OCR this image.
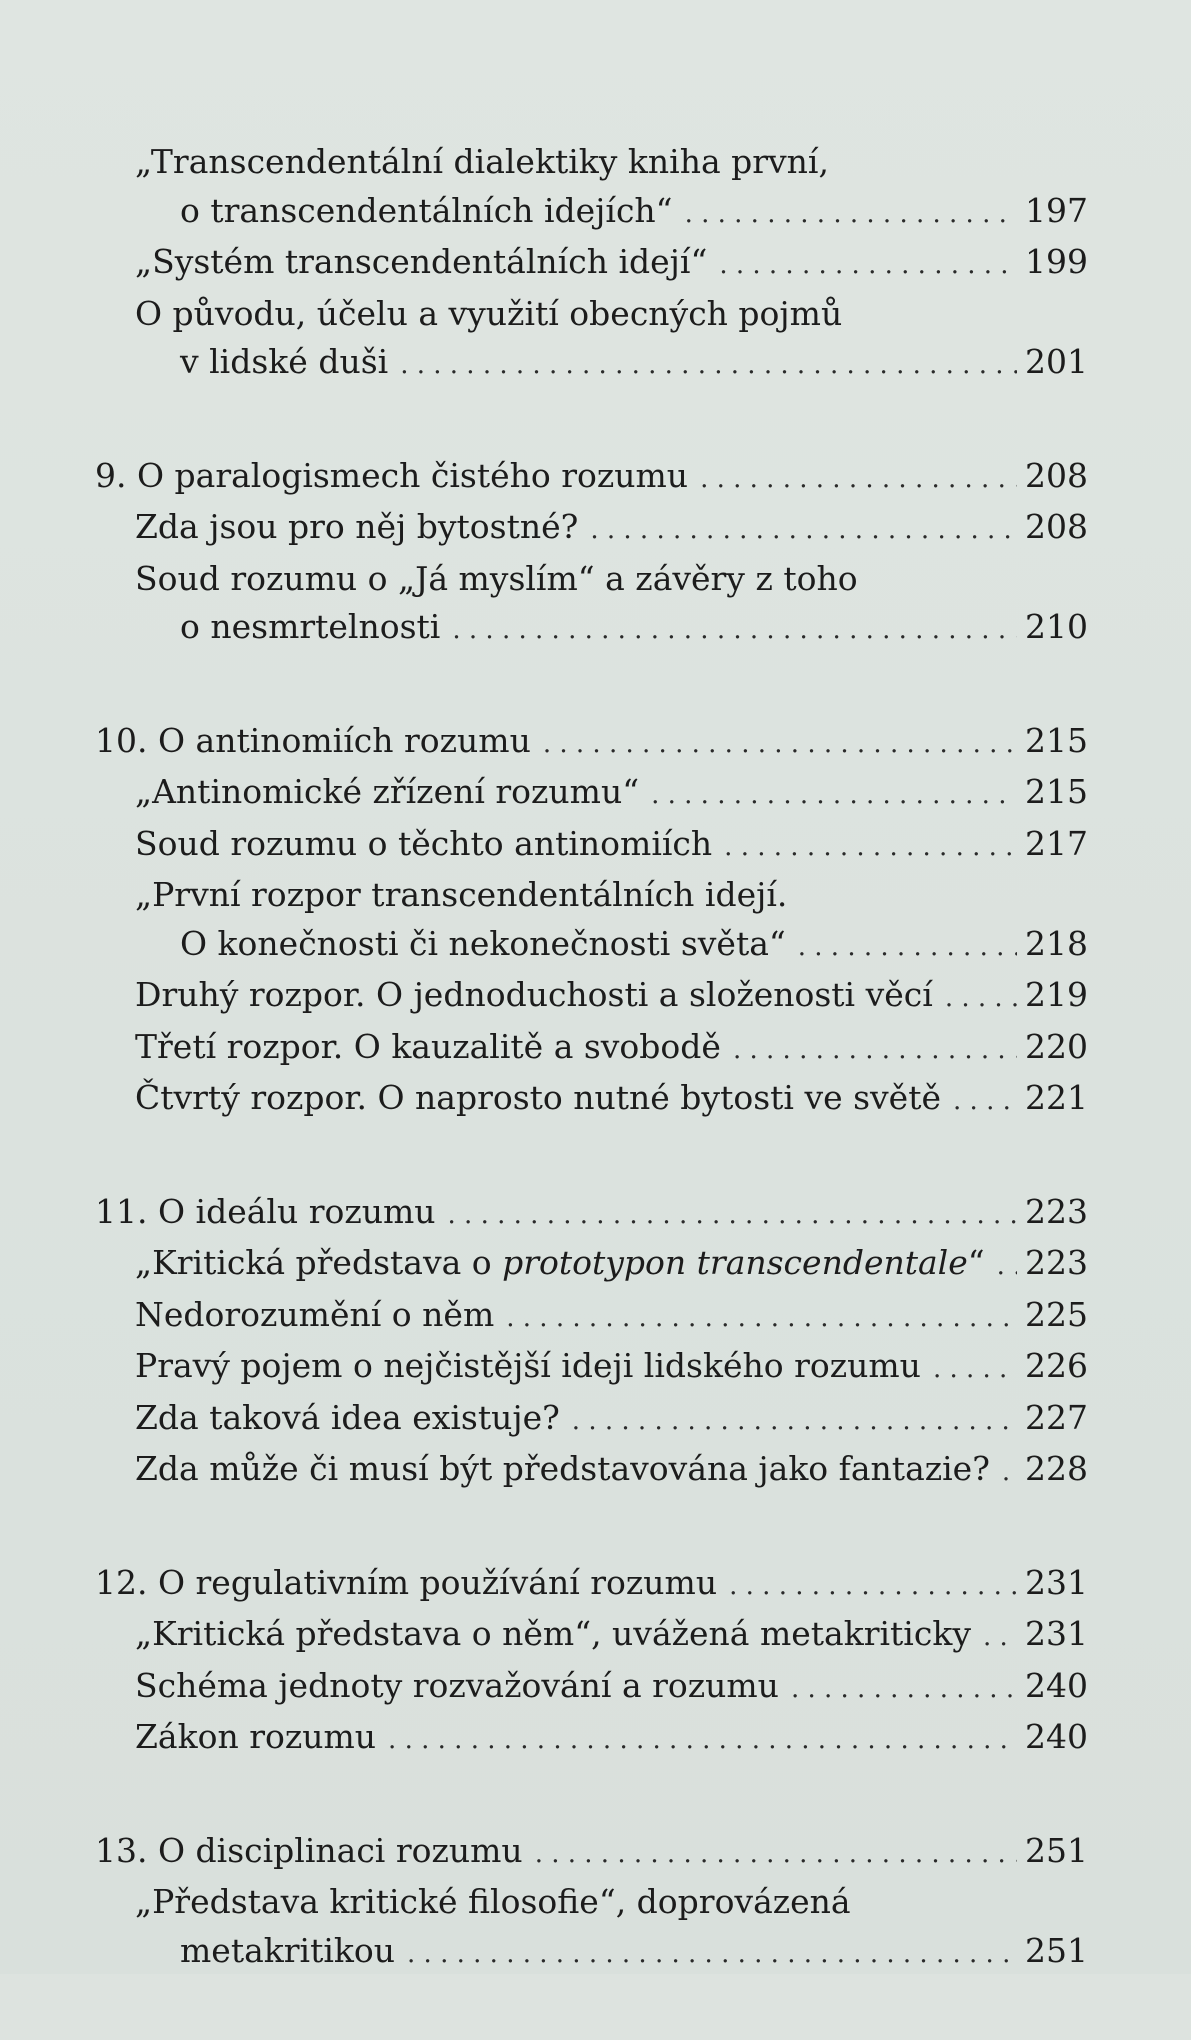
„Transcendentální dialektiky kniha první,
o transcendentálních idejích“ . . .	197
„Systém transcendentálních idejí“ . . .	199
O původu, účelu a využití obecných pojmů
v lidské duši . . .	201
9. O paralogismech čistého rozumu . . .	208
Zda jsou pro něj bytostné? . . .	208
Soud rozumu o „Já myslím“ a závěry z toho
o nesmrtelnosti . . .	210
10. O antinomiích rozumu . . .	215
„Antinomické zřízení rozumu“ . . .	215
Soud rozumu o těchto antinomiích . . .	217
„První rozpor transcendentálních idejí.
O konečnosti či nekonečnosti světa“ . . .	218
Druhý rozpor. O jednoduchosti a složenosti věcí . . .	219
Třetí rozpor. O kauzalitě a svobodě . . .	220
Čtvrtý rozpor. O naprosto nutné bytosti ve světě . . .	221
11. O ideálu rozumu . . .	223
„Kritická představa o prototypon transcendentale“ . . . 223
Nedorozumění o něm . . .	225
Pravý pojem o nejčistější ideji lidského rozumu . . .	226
Zda taková idea existuje? . . .	227
Zda může či musí být představována jako fantazie? . . . 228
12. O regulativním používání rozumu . . .	231
„Kritická představa o něm“, uvážená metakriticky . . . 231
Schéma jednoty rozvažování a rozumu . . .	240
Zákon rozumu . . .	240
13. O disciplinaci rozumu . . .	251
„Představa kritické filosofie“, doprovázená
metakritikou . . .	251
